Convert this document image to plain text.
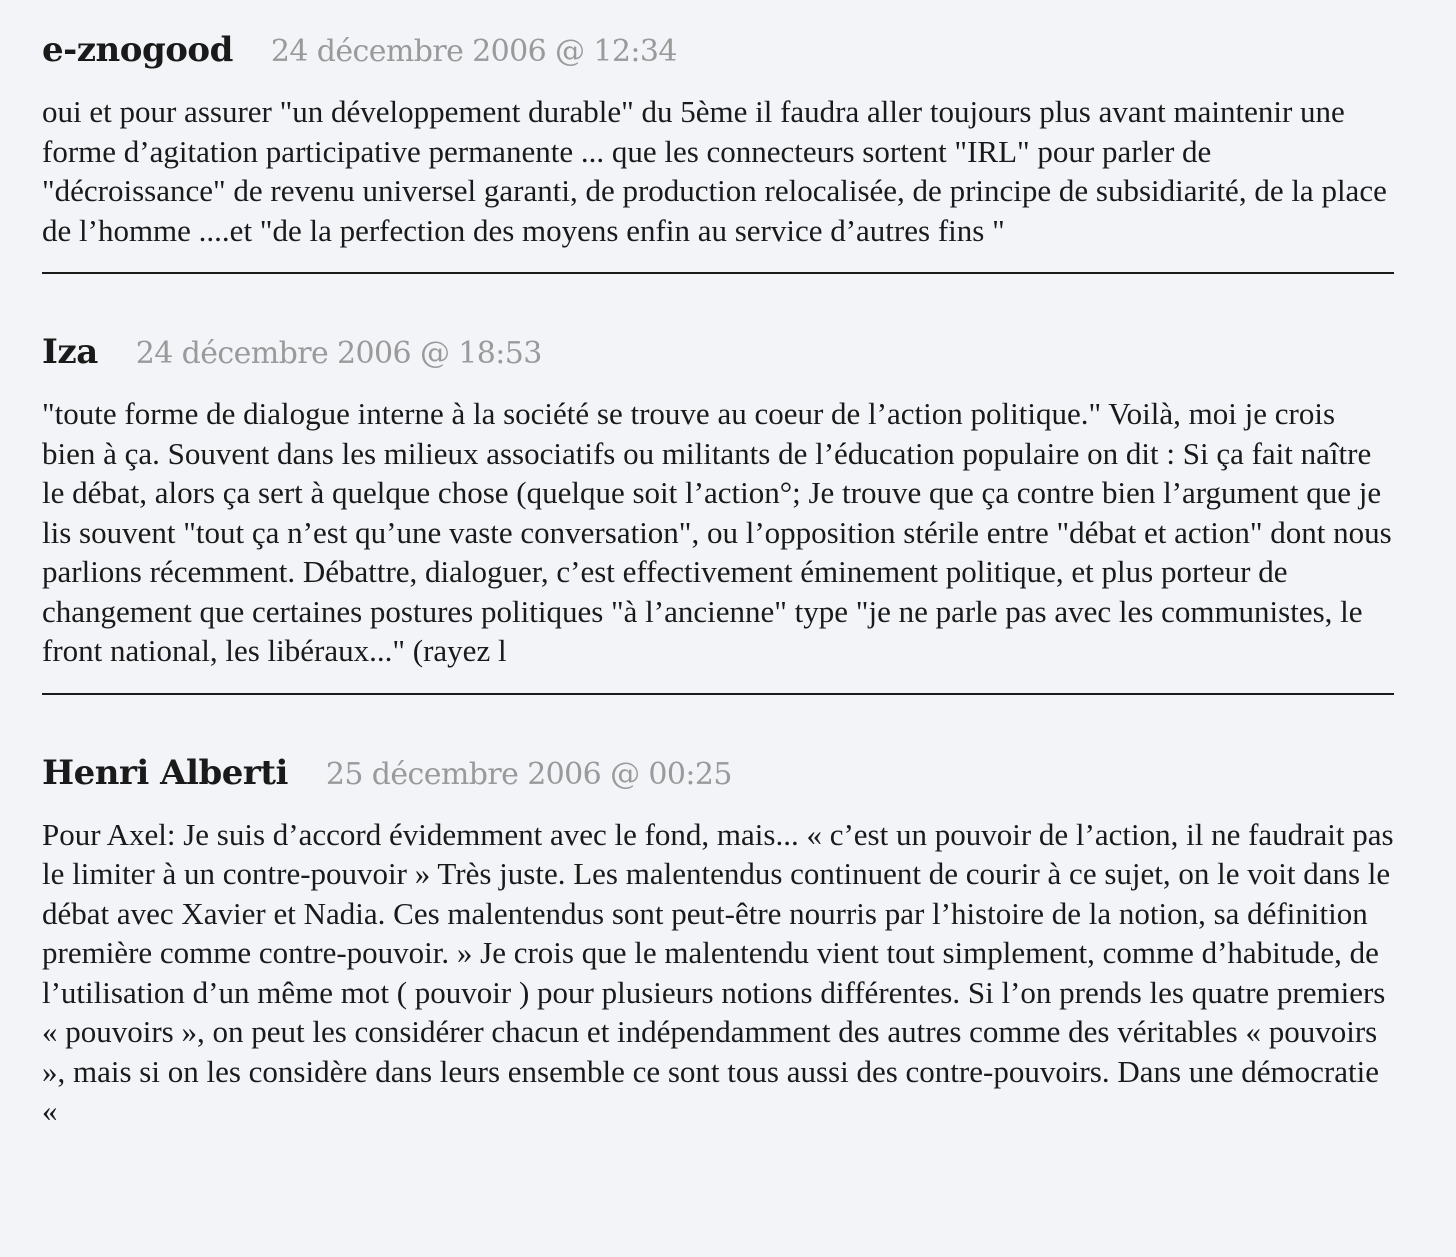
e-znogood 24 décembre 2006 @ 12:34

oui et pour assurer "un développement durable" du 5ème il faudra aller toujours plus avant maintenir une forme d’agitation participative permanente ... que les connecteurs sortent "IRL" pour parler de "décroissance" de revenu universel garanti, de production relocalisée, de principe de subsidiarité, de la place de l’homme ....et "de la perfection des moyens enfin au service d’autres fins "

Iza 24 décembre 2006 @ 18:53

"toute forme de dialogue interne à la société se trouve au coeur de l’action politique." Voilà, moi je crois bien à ça. Souvent dans les milieux associatifs ou militants de l’éducation populaire on dit : Si ça fait naître le débat, alors ça sert à quelque chose (quelque soit l’action°; Je trouve que ça contre bien l’argument que je lis souvent "tout ça n’est qu’une vaste conversation", ou l’opposition stérile entre "débat et action" dont nous parlions récemment. Débattre, dialoguer, c’est effectivement éminement politique, et plus porteur de changement que certaines postures politiques "à l’ancienne" type "je ne parle pas avec les communistes, le front national, les libéraux..." (rayez l

Henri Alberti 25 décembre 2006 @ 00:25

Pour Axel: Je suis d’accord évidemment avec le fond, mais... « c’est un pouvoir de l’action, il ne faudrait pas le limiter à un contre-pouvoir » Très juste. Les malentendus continuent de courir à ce sujet, on le voit dans le débat avec Xavier et Nadia. Ces malentendus sont peut-être nourris par l’histoire de la notion, sa définition première comme contre-pouvoir. » Je crois que le malentendu vient tout simplement, comme d’habitude, de l’utilisation d’un même mot ( pouvoir ) pour plusieurs notions différentes. Si l’on prends les quatre premiers « pouvoirs », on peut les considérer chacun et indépendamment des autres comme des véritables « pouvoirs », mais si on les considère dans leurs ensemble ce sont tous aussi des contre-pouvoirs. Dans une démocratie «
